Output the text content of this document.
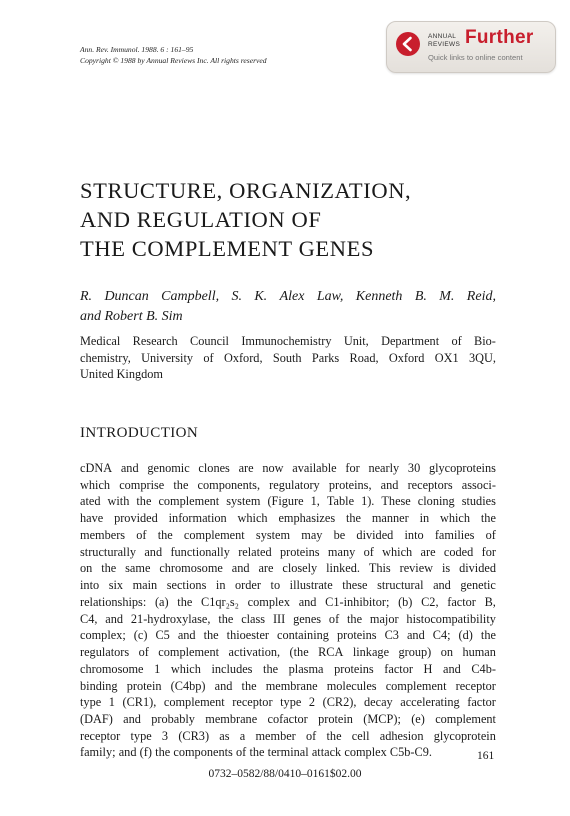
Ann. Rev. Immunol. 1988. 6 : 161–95
Copyright © 1988 by Annual Reviews Inc. All rights reserved
ANNUAL
REVIEWS Further
Quick links to online content
STRUCTURE, ORGANIZATION,
AND REGULATION OF
THE COMPLEMENT GENES
R. Duncan Campbell, S. K. Alex Law, Kenneth B. M. Reid,
and Robert B. Sim
Medical Research Council Immunochemistry Unit, Department of Bio-
chemistry, University of Oxford, South Parks Road, Oxford OX1 3QU,
United Kingdom
INTRODUCTION
cDNA and genomic clones are now available for nearly 30 glycoproteins
which comprise the components, regulatory proteins, and receptors associ-
ated with the complement system (Figure 1, Table 1). These cloning studies
have provided information which emphasizes the manner in which the
members of the complement system may be divided into families of
structurally and functionally related proteins many of which are coded for
on the same chromosome and are closely linked. This review is divided
into six main sections in order to illustrate these structural and genetic
relationships: (a) the C1qr₂s₂ complex and C1-inhibitor; (b) C2, factor B,
C4, and 21-hydroxylase, the class III genes of the major histocompatibility
complex; (c) C5 and the thioester containing proteins C3 and C4; (d) the
regulators of complement activation, (the RCA linkage group) on human
chromosome 1 which includes the plasma proteins factor H and C4b-
binding protein (C4bp) and the membrane molecules complement receptor
type 1 (CR1), complement receptor type 2 (CR2), decay accelerating factor
(DAF) and probably membrane cofactor protein (MCP); (e) complement
receptor type 3 (CR3) as a member of the cell adhesion glycoprotein
family; and (f) the components of the terminal attack complex C5b-C9.	161
0732–0582/88/0410–0161$02.00
